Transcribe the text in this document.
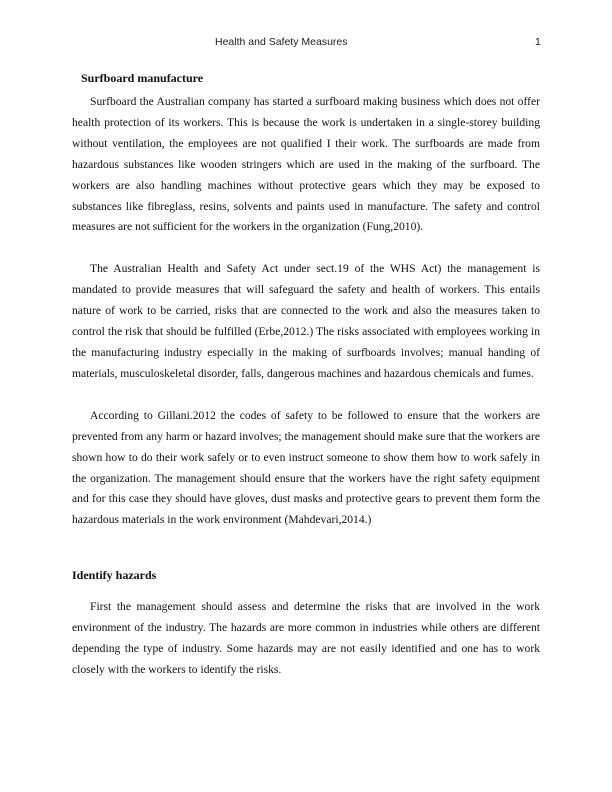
Health and Safety Measures	1
Surfboard manufacture

Surfboard the Australian company has started a surfboard making business which does not offer health protection of its workers. This is because the work is undertaken in a single-storey building without ventilation, the employees are not qualified I their work. The surfboards are made from hazardous substances like wooden stringers which are used in the making of the surfboard. The workers are also handling machines without protective gears which they may be exposed to substances like fibreglass, resins, solvents and paints used in manufacture. The safety and control measures are not sufficient for the workers in the organization (Fung,2010).

The Australian Health and Safety Act under sect.19 of the WHS Act) the management is mandated to provide measures that will safeguard the safety and health of workers. This entails nature of work to be carried, risks that are connected to the work and also the measures taken to control the risk that should be fulfilled (Erbe,2012.) The risks associated with employees working in the manufacturing industry especially in the making of surfboards involves; manual handing of materials, musculoskeletal disorder, falls, dangerous machines and hazardous chemicals and fumes.

According to Gillani.2012 the codes of safety to be followed to ensure that the workers are prevented from any harm or hazard involves; the management should make sure that the workers are shown how to do their work safely or to even instruct someone to show them how to work safely in the organization. The management should ensure that the workers have the right safety equipment and for this case they should have gloves, dust masks and protective gears to prevent them form the hazardous materials in the work environment (Mahdevari,2014.)

Identify hazards

First the management should assess and determine the risks that are involved in the work environment of the industry. The hazards are more common in industries while others are different depending the type of industry. Some hazards may are not easily identified and one has to work closely with the workers to identify the risks.
